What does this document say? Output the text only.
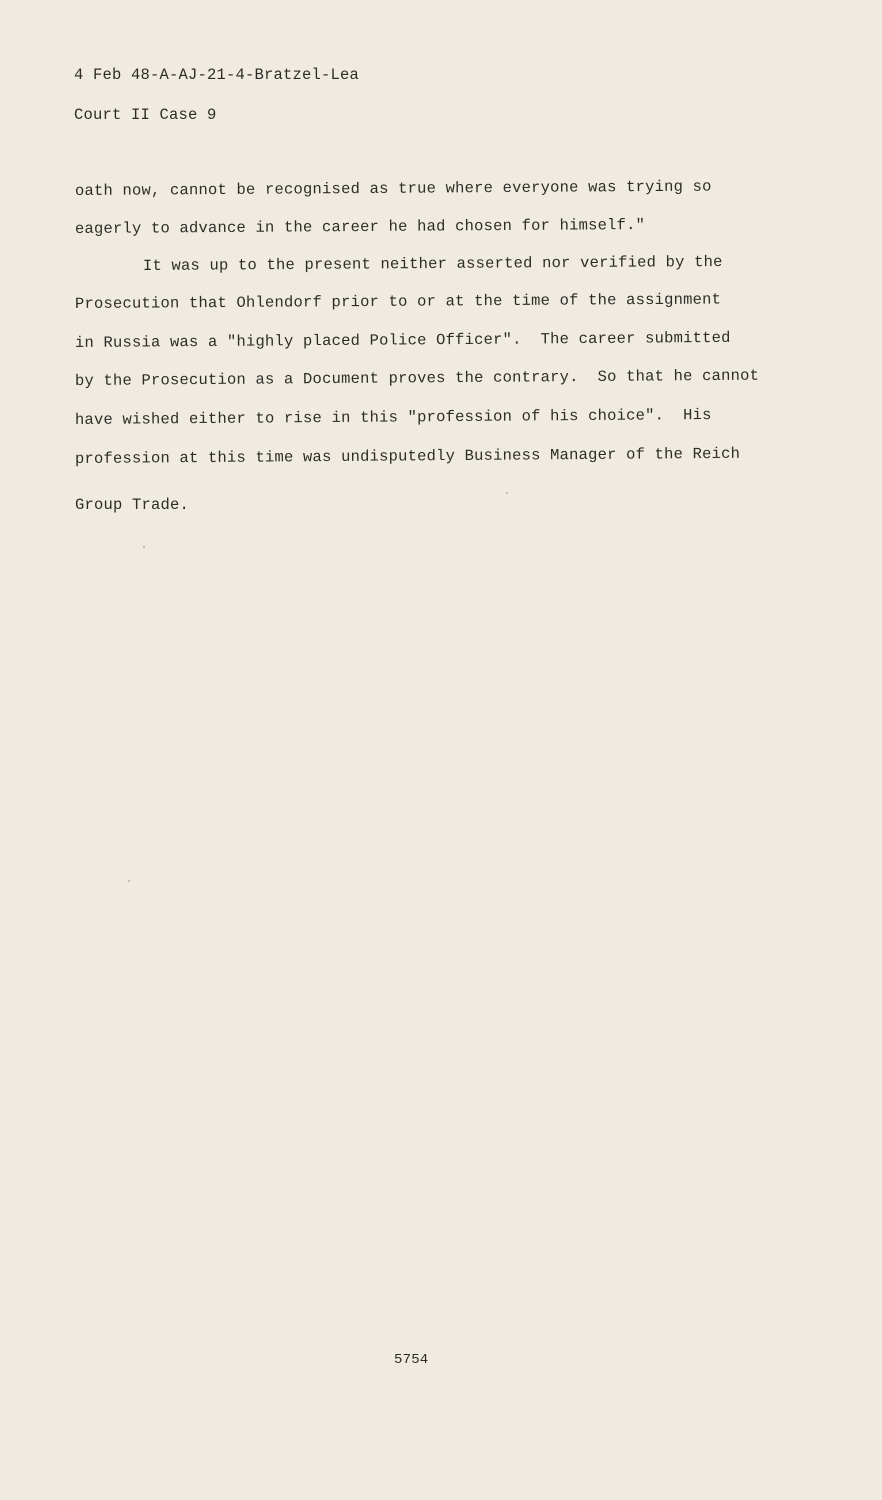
4 Feb 48-A-AJ-21-4-Bratzel-Lea
Court II Case 9
oath now, cannot be recognised as true where everyone was trying so
eagerly to advance in the career he had chosen for himself."
It was up to the present neither asserted nor verified by the
Prosecution that Ohlendorf prior to or at the time of the assignment
in Russia was a "highly placed Police Officer".  The career submitted
by the Prosecution as a Document proves the contrary.  So that he cannot
have wished either to rise in this "profession of his choice".  His
profession at this time was undisputedly Business Manager of the Reich
Group Trade.
5754
